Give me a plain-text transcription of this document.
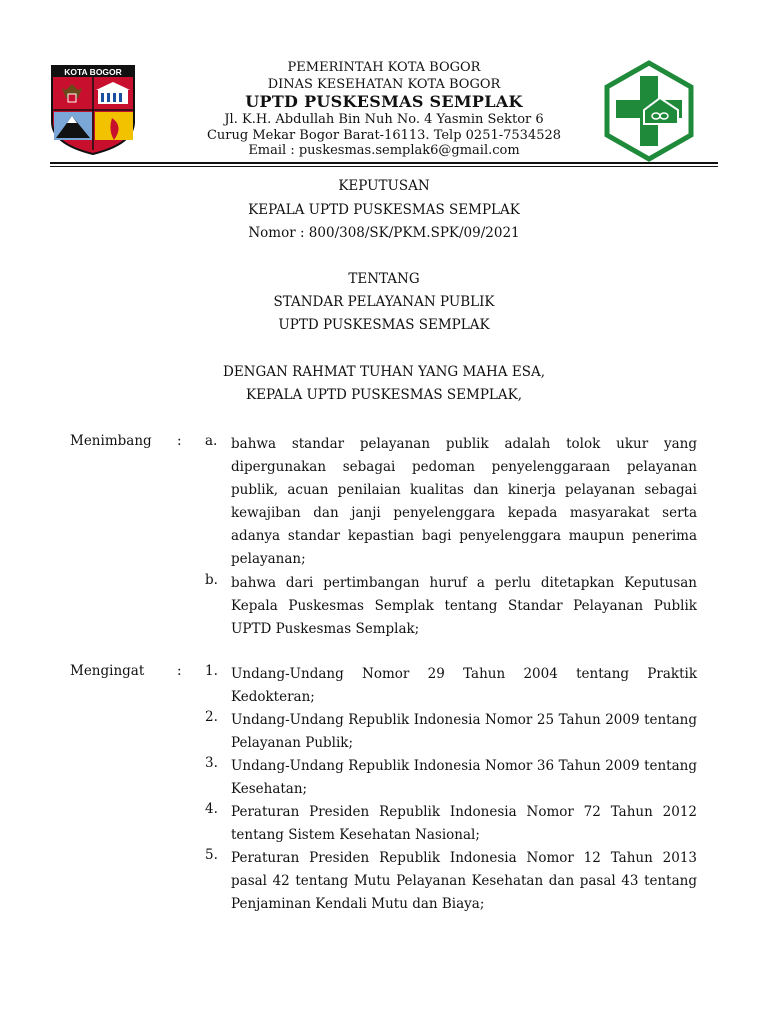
KOTA BOGOR	PEMERINTAH KOTA BOGOR
DINAS KESEHATAN KOTA BOGOR
UPTD PUSKESMAS SEMPLAK
Jl. K.H. Abdullah Bin Nuh No. 4 Yasmin Sektor 6
Curug Mekar Bogor Barat-16113. Telp 0251-7534528
Email : puskesmas.semplak6@gmail.com
KEPUTUSAN
KEPALA UPTD PUSKESMAS SEMPLAK
Nomor : 800/308/SK/PKM.SPK/09/2021
TENTANG
STANDAR PELAYANAN PUBLIK
UPTD PUSKESMAS SEMPLAK
DENGAN RAHMAT TUHAN YANG MAHA ESA,
KEPALA UPTD PUSKESMAS SEMPLAK,
Menimbang : a. bahwa standar pelayanan publik adalah tolok ukur yang dipergunakan sebagai pedoman penyelenggaraan pelayanan publik, acuan penilaian kualitas dan kinerja pelayanan sebagai kewajiban dan janji penyelenggara kepada masyarakat serta adanya standar kepastian bagi penyelenggara maupun penerima pelayanan;
b. bahwa dari pertimbangan huruf a perlu ditetapkan Keputusan Kepala Puskesmas Semplak tentang Standar Pelayanan Publik UPTD Puskesmas Semplak;
Mengingat : 1. Undang-Undang Nomor 29 Tahun 2004 tentang Praktik Kedokteran;
2. Undang-Undang Republik Indonesia Nomor 25 Tahun 2009 tentang Pelayanan Publik;
3. Undang-Undang Republik Indonesia Nomor 36 Tahun 2009 tentang Kesehatan;
4. Peraturan Presiden Republik Indonesia Nomor 72 Tahun 2012 tentang Sistem Kesehatan Nasional;
5. Peraturan Presiden Republik Indonesia Nomor 12 Tahun 2013 pasal 42 tentang Mutu Pelayanan Kesehatan dan pasal 43 tentang Penjaminan Kendali Mutu dan Biaya;
